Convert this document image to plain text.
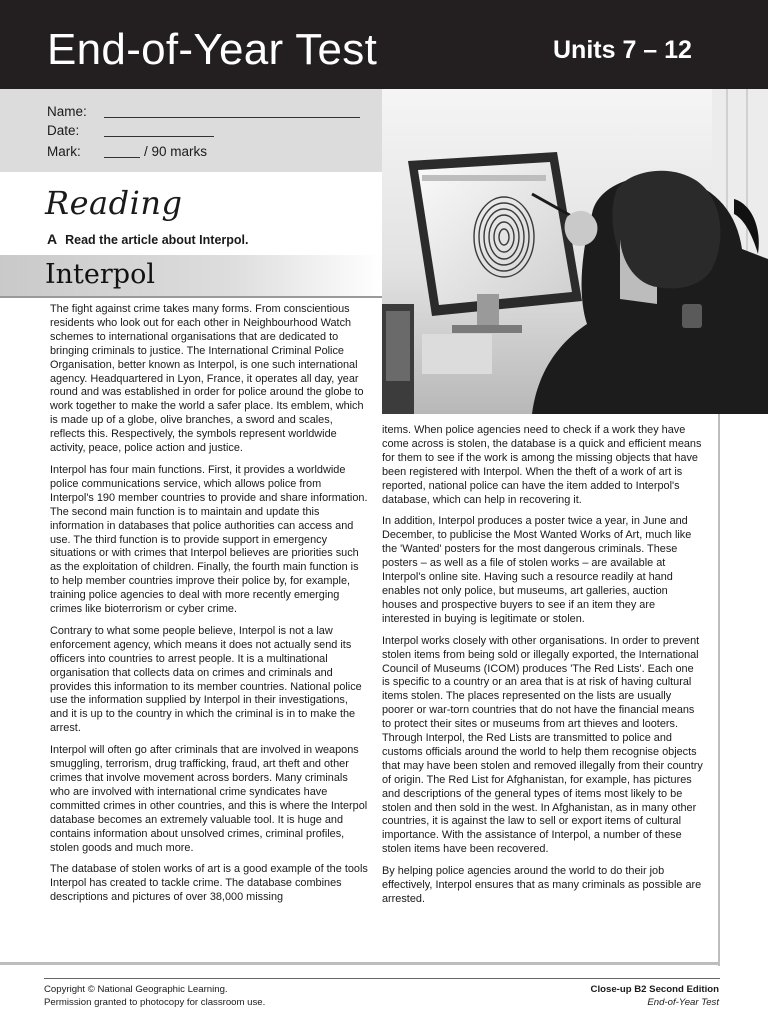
End-of-Year Test	Units 7 – 12
Name:
Date:
Mark:	/ 90 marks
Reading
A Read the article about Interpol.
Interpol

The fight against crime takes many forms. From conscientious residents who look out for each other in Neighbourhood Watch schemes to international organisations that are dedicated to bringing criminals to justice. The International Criminal Police Organisation, better known as Interpol, is one such international agency. Headquartered in Lyon, France, it operates all day, year round and was established in order for police around the globe to work together to make the world a safer place. Its emblem, which is made up of a globe, olive branches, a sword and scales, reflects this. Respectively, the symbols represent worldwide activity, peace, police action and justice.

Interpol has four main functions. First, it provides a worldwide police communications service, which allows police from Interpol's 190 member countries to provide and share information. The second main function is to maintain and update this information in databases that police authorities can access and use. The third function is to provide support in emergency situations or with crimes that Interpol believes are priorities such as the exploitation of children. Finally, the fourth main function is to help member countries improve their police by, for example, training police agencies to deal with more recently emerging crimes like bioterrorism or cyber crime.

Contrary to what some people believe, Interpol is not a law enforcement agency, which means it does not actually send its officers into countries to arrest people. It is a multinational organisation that collects data on crimes and criminals and provides this information to its member countries. National police use the information supplied by Interpol in their investigations, and it is up to the country in which the criminal is in to make the arrest.

Interpol will often go after criminals that are involved in weapons smuggling, terrorism, drug trafficking, fraud, art theft and other crimes that involve movement across borders. Many criminals who are involved with international crime syndicates have committed crimes in other countries, and this is where the Interpol database becomes an extremely valuable tool. It is huge and contains information about unsolved crimes, criminal profiles, stolen goods and much more.

The database of stolen works of art is a good example of the tools Interpol has created to tackle crime. The database combines descriptions and pictures of over 38,000 missing

items. When police agencies need to check if a work they have come across is stolen, the database is a quick and efficient means for them to see if the work is among the missing objects that have been registered with Interpol. When the theft of a work of art is reported, national police can have the item added to Interpol's database, which can help in recovering it.

In addition, Interpol produces a poster twice a year, in June and December, to publicise the Most Wanted Works of Art, much like the 'Wanted' posters for the most dangerous criminals. These posters – as well as a file of stolen works – are available at Interpol's online site. Having such a resource readily at hand enables not only police, but museums, art galleries, auction houses and prospective buyers to see if an item they are interested in buying is legitimate or stolen.

Interpol works closely with other organisations. In order to prevent stolen items from being sold or illegally exported, the International Council of Museums (ICOM) produces 'The Red Lists'. Each one is specific to a country or an area that is at risk of having cultural items stolen. The places represented on the lists are usually poorer or war-torn countries that do not have the financial means to protect their sites or museums from art thieves and looters. Through Interpol, the Red Lists are transmitted to police and customs officials around the world to help them recognise objects that may have been stolen and removed illegally from their country of origin. The Red List for Afghanistan, for example, has pictures and descriptions of the general types of items most likely to be stolen and then sold in the west. In Afghanistan, as in many other countries, it is against the law to sell or export items of cultural importance. With the assistance of Interpol, a number of these stolen items have been recovered.

By helping police agencies around the world to do their job effectively, Interpol ensures that as many criminals as possible are arrested.

Copyright © National Geographic Learning.
Permission granted to photocopy for classroom use.
Close-up B2 Second Edition
End-of-Year Test
